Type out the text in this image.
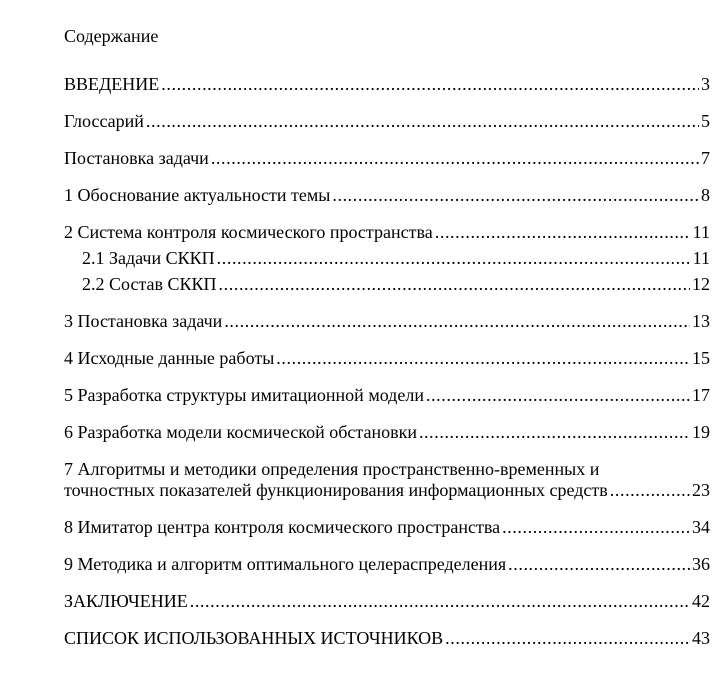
Содержание
ВВЕДЕНИЕ .....	3
Глоссарий .....	5
Постановка задачи .....	7
1 Обоснование актуальности темы .....	8
2 Система контроля космического пространства .....	11
2.1 Задачи СККП .....	11
2.2 Состав СККП .....	12
3 Постановка задачи .....	13
4 Исходные данные работы .....	15
5 Разработка структуры имитационной модели .....	17
6 Разработка модели космической обстановки .....	19
7 Алгоритмы и методики определения пространственно-временных и
точностных показателей функционирования информационных средств .....	23
8 Имитатор центра контроля космического пространства .....	34
9 Методика и алгоритм оптимального целераспределения .....	36
ЗАКЛЮЧЕНИЕ .....	42
СПИСОК ИСПОЛЬЗОВАННЫХ ИСТОЧНИКОВ .....	43
